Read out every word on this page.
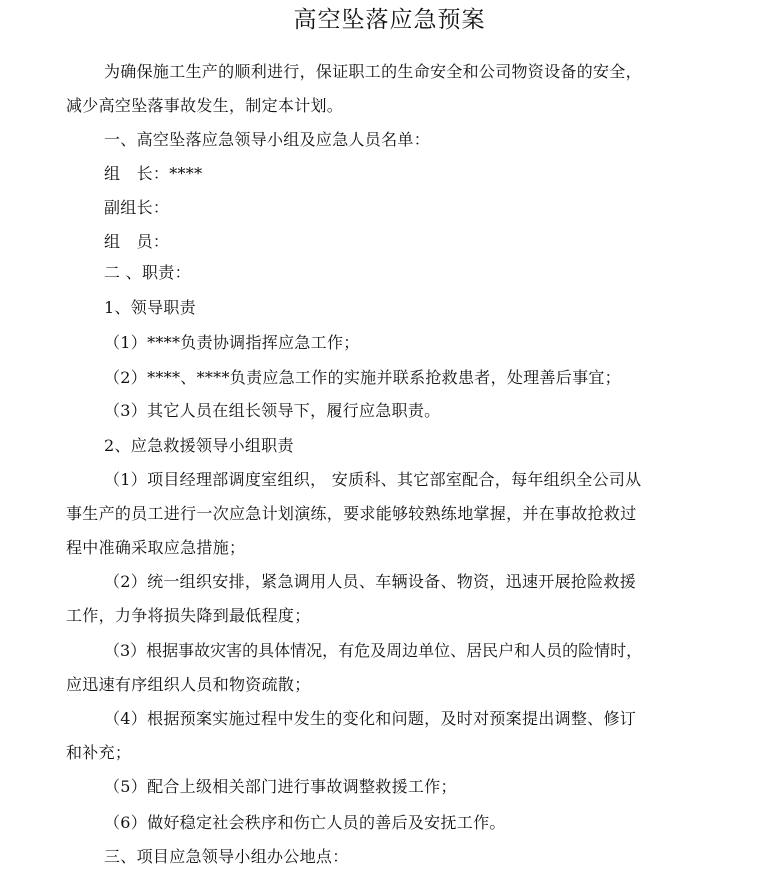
高空坠落应急预案
为确保施工生产的顺利进行，保证职工的生命安全和公司物资设备的安全，
减少高空坠落事故发生，制定本计划。
一、高空坠落应急领导小组及应急人员名单：
组　长：****
副组长：
组　员：
二 、职责：
1、领导职责
（1）****负责协调指挥应急工作；
（2）****、****负责应急工作的实施并联系抢救患者，处理善后事宜；
（3）其它人员在组长领导下，履行应急职责。
2、应急救援领导小组职责
（1）项目经理部调度室组织， 安质科、其它部室配合，每年组织全公司从
事生产的员工进行一次应急计划演练，要求能够较熟练地掌握，并在事故抢救过
程中准确采取应急措施；
（2）统一组织安排，紧急调用人员、车辆设备、物资，迅速开展抢险救援
工作，力争将损失降到最低程度；
（3）根据事故灾害的具体情况，有危及周边单位、居民户和人员的险情时，
应迅速有序组织人员和物资疏散；
（4）根据预案实施过程中发生的变化和问题，及时对预案提出调整、修订
和补充；
（5）配合上级相关部门进行事故调整救援工作；
（6）做好稳定社会秩序和伤亡人员的善后及安抚工作。
三、项目应急领导小组办公地点：
